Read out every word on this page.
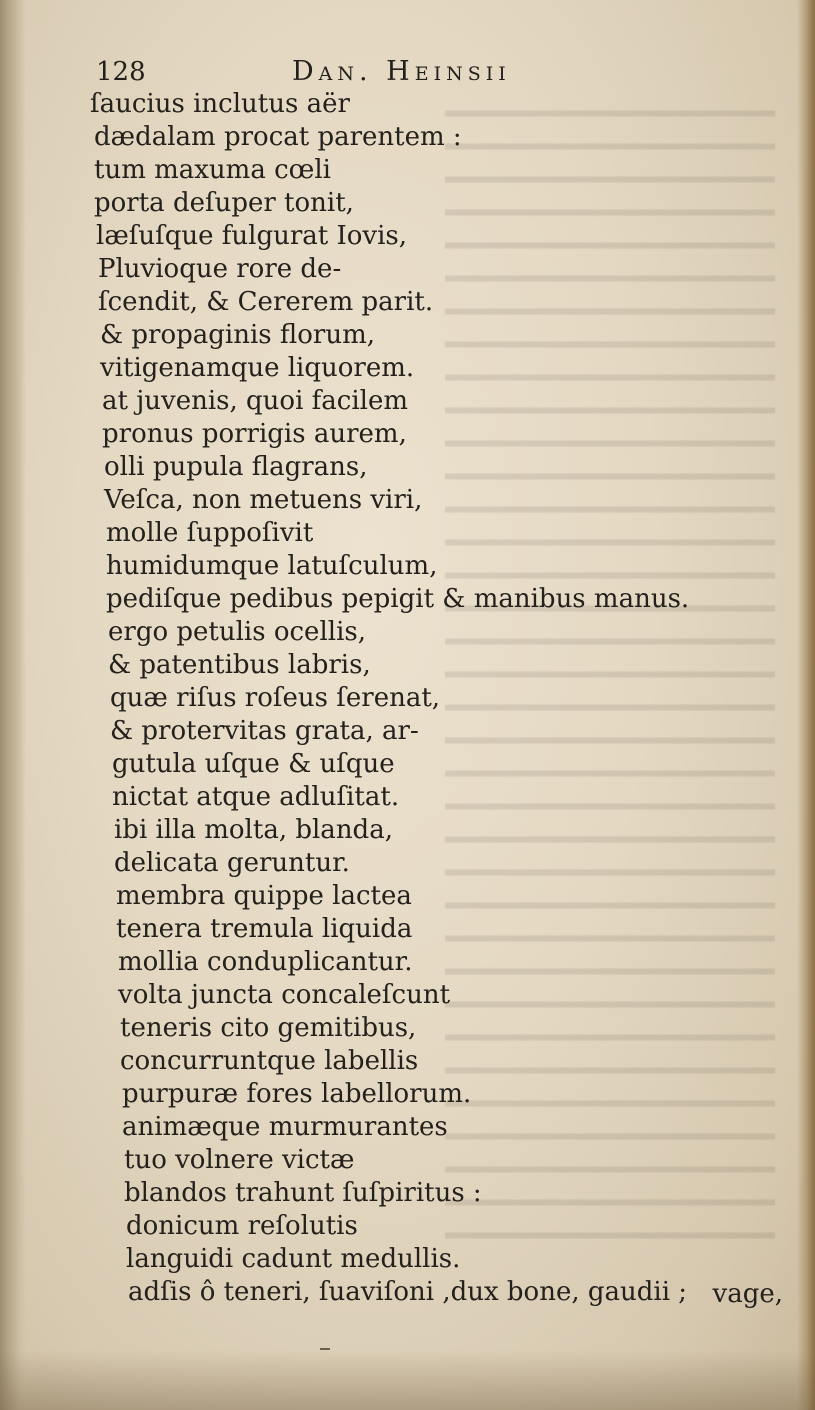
128	Dan. Heinsii
ſaucius inclutus aër
dædalam procat parentem :
tum maxuma cœli
porta deſuper tonit,
læſuſque fulgurat Iovis,
Pluvioque rore de-
ſcendit, & Cererem parit.
& propaginis florum,
vitigenamque liquorem.
at juvenis, quoi facilem
pronus porrigis aurem,
olli pupula flagrans,
Veſca, non metuens viri,
molle ſuppoſivit
humidumque latuſculum,
pediſque pedibus pepigit & manibus manus.
ergo petulis ocellis,
& patentibus labris,
quæ riſus roſeus ſerenat,
& protervitas grata, ar-
gutula uſque & uſque
nictat atque adluſitat.
ibi illa molta, blanda,
delicata geruntur.
membra quippe lactea
tenera tremula liquida
mollia conduplicantur.
volta juncta concaleſcunt
teneris cito gemitibus,
concurruntque labellis
purpuræ fores labellorum.
animæque murmurantes
tuo volnere victæ
blandos trahunt ſuſpiritus :
donicum reſolutis
languidi cadunt medullis.
adſis ô teneri, ſuaviſoni ,dux bone, gaudii ; vage,
